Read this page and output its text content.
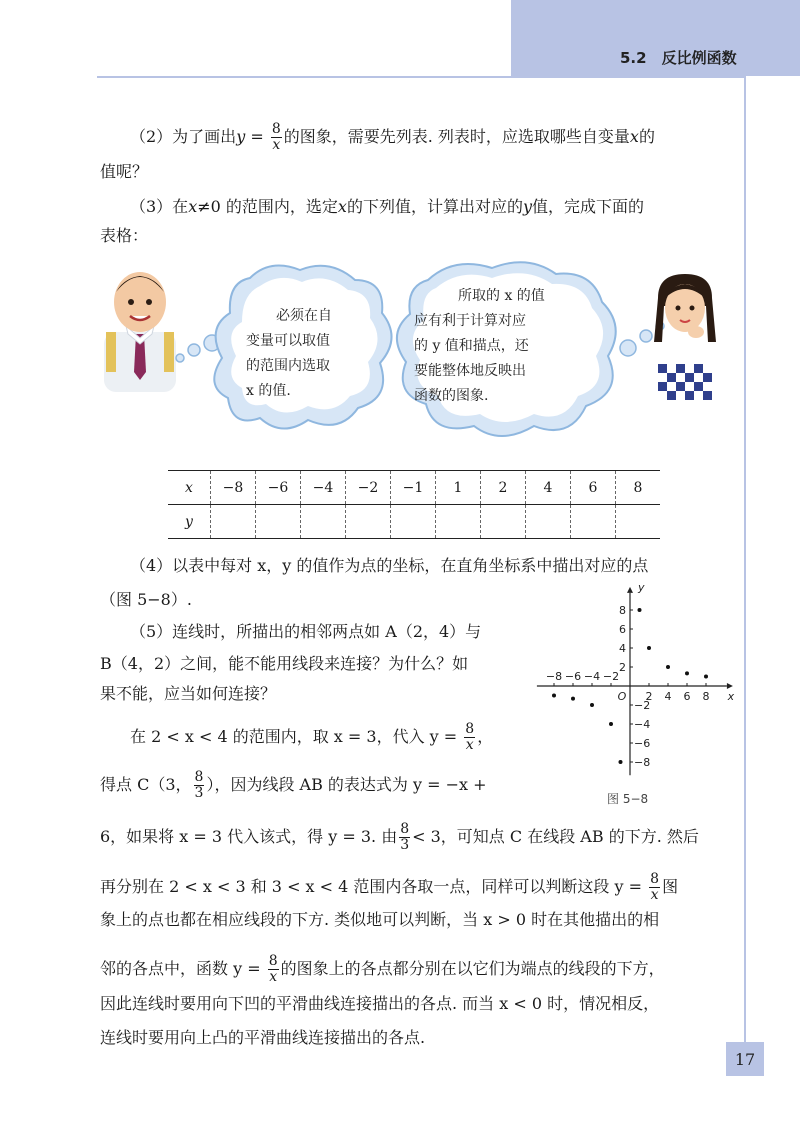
5.2　反比例函数
（2）为了画出$y = \frac{8}{x}$ 的图象，需要先列表. 列表时，应选取哪些自变量x的
值呢？
（3）在x≠0 的范围内，选定x的下列值，计算出对应的y值，完成下面的
表格：
必须在自
变量可以取值
的范围内选取
x 的值.
所取的 x 的值
应有利于计算对应
的 y 值和描点，还
要能整体地反映出
函数的图象.
x	−8	−6	−4	−2	−1	1	2	4	6	8
y										
（4）以表中每对 x，y 的值作为点的坐标，在直角坐标系中描出对应的点
（图 5−8）.
（5）连线时，所描出的相邻两点如 A（2，4）与
B（4，2）之间，能不能用线段来连接？为什么？如
果不能，应当如何连接？
在 2 < x < 4 的范围内，取 x = 3，代入 $y = \frac{8}{x}$ ，
得点 C（3， $\frac{8}{3}$ ），因为线段 AB 的表达式为 y = −x +
6，如果将 x = 3 代入该式，得 y = 3. 由 $\frac{8}{3} < 3$，可知点 C 在线段 AB 的下方. 然后
再分别在 2 < x < 3 和 3 < x < 4 范围内各取一点，同样可以判断这段 $y = \frac{8}{x}$ 图
象上的点也都在相应线段的下方. 类似地可以判断，当 x > 0 时在其他描出的相
邻的各点中，函数 $y = \frac{8}{x}$ 的图象上的各点都分别在以它们为端点的线段的下方，
因此连线时要用向下凹的平滑曲线连接描出的各点. 而当 x < 0 时，情况相反，
连线时要用向上凸的平滑曲线连接描出的各点.
−8 −6 −4 −2
2 4 6 8
8
6
4
2
−2
−4
−6
−8
O	x
y
图 5−8
17
